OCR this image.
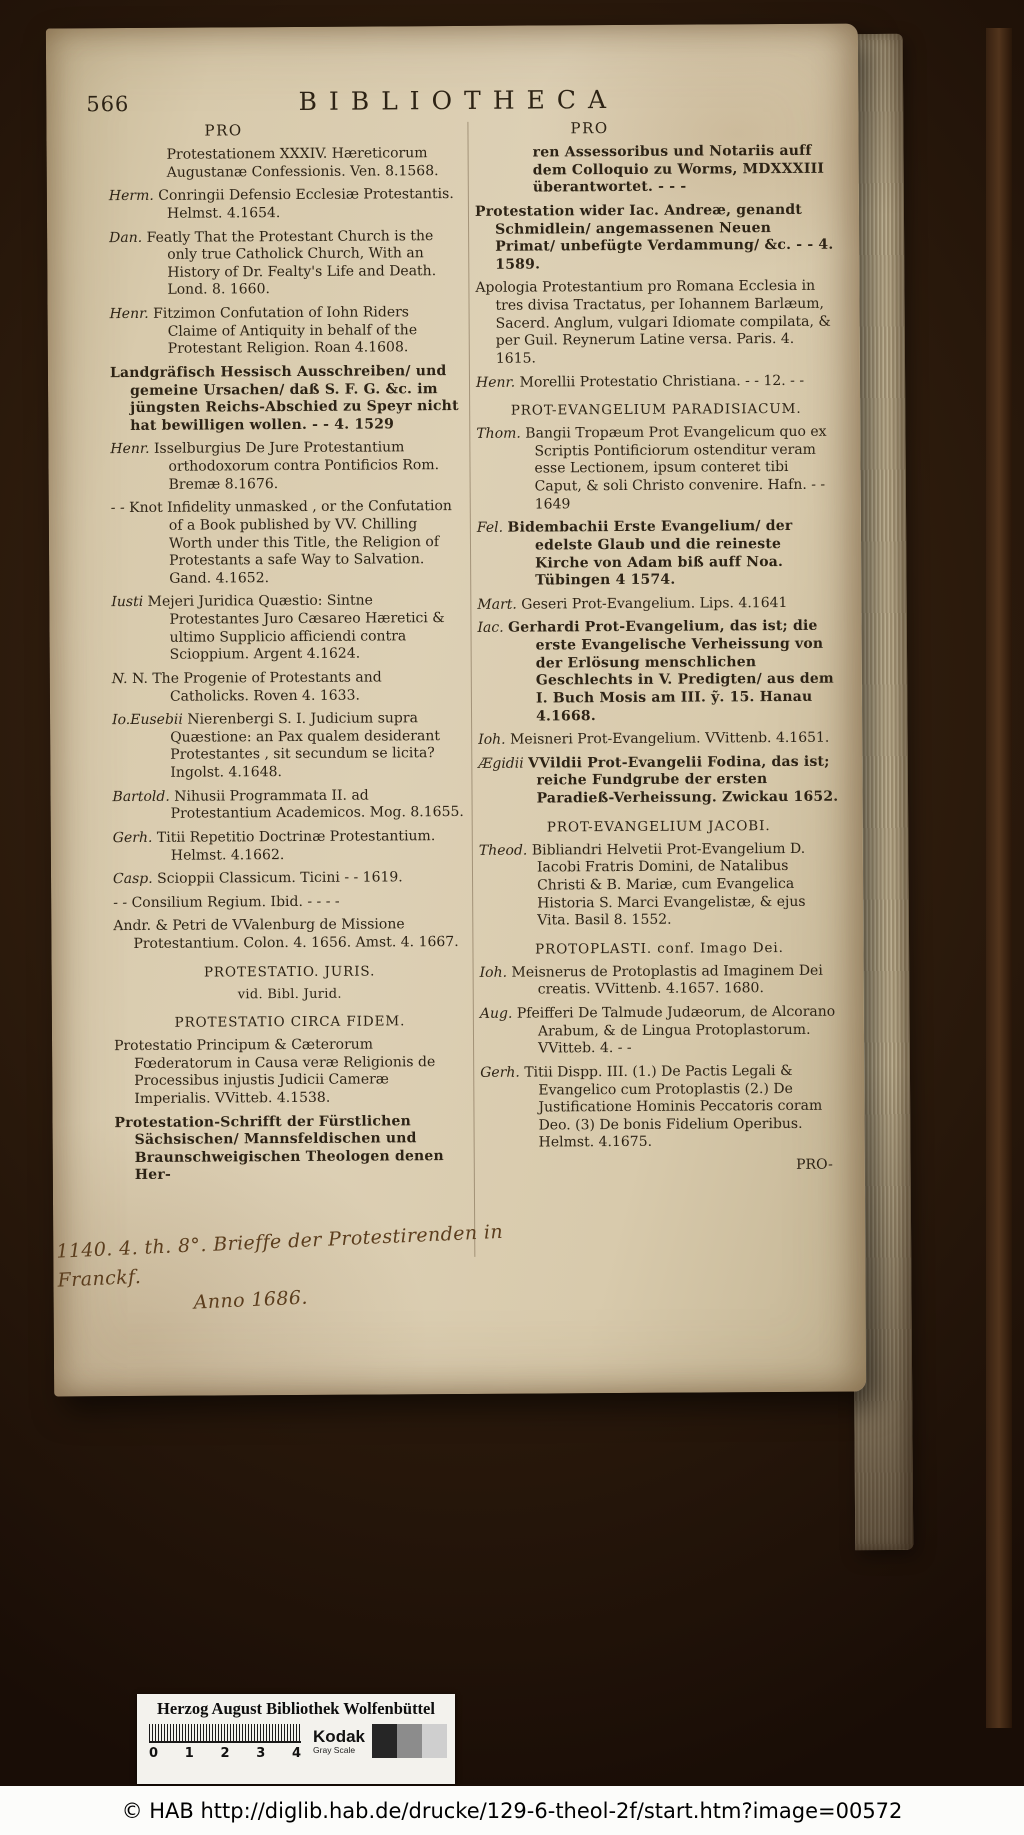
566	BIBLIOTHECA
PRO
Protestationem XXXIV. Hæreticorum Augustanæ Confessionis. Ven. 8.1568.
Herm. Conringii Defensio Ecclesiæ Protestantis. Helmst. 4.1654.
Dan. Featly That the Protestant Church is the only true Catholick Church, With an History of Dr. Fealty's Life and Death. Lond. 8. 1660.
Henr. Fitzimon Confutation of Iohn Riders Claime of Antiquity in behalf of the Protestant Religion. Roan 4.1608.
Landgräfisch Hessisch Ausschreiben/ und gemeine Ursachen/ daß S. F. G. &c. im jüngsten Reichs-Abschied zu Speyr nicht hat bewilligen wollen. - - 4. 1529
Henr. Isselburgius De Jure Protestantium orthodoxorum contra Pontificios Rom. Bremæ 8.1676.
- - Knot Infidelity unmasked , or the Confutation of a Book published by VV. Chilling Worth under this Title, the Religion of Protestants a safe Way to Salvation. Gand. 4.1652.
Iusti Mejeri Juridica Quæstio: Sintne Protestantes Juro Cæsareo Hæretici & ultimo Supplicio afficiendi contra Scioppium. Argent 4.1624.
N. N. The Progenie of Protestants and Catholicks. Roven 4. 1633.
Io.Eusebii Nierenbergi S. I. Judicium supra Quæstione: an Pax qualem desiderant Protestantes , sit secundum se licita? Ingolst. 4.1648.
Bartold. Nihusii Programmata II. ad Protestantium Academicos. Mog. 8.1655.
Gerh. Titii Repetitio Doctrinæ Protestantium. Helmst. 4.1662.
Casp. Scioppii Classicum. Ticini - - 1619.
- - Consilium Regium. Ibid. - - - -
Andr. & Petri de VValenburg de Missione Protestantium. Colon. 4. 1656. Amst. 4. 1667.
PROTESTATIO. JURIS.
vid. Bibl. Jurid.
PROTESTATIO CIRCA FIDEM.
Protestatio Principum & Cæterorum Fœderatorum in Causa veræ Religionis de Processibus injustis Judicii Cameræ Imperialis. VVitteb. 4.1538.
Protestation-Schrifft der Fürstlichen Sächsischen/ Mannsfeldischen und Braunschweigischen Theologen denen Her-
PRO
ren Assessoribus und Notariis auff dem Colloquio zu Worms, MDXXXIII überantwortet. - - -
Protestation wider Iac. Andreæ, genandt Schmidlein/ angemassenen Neuen Primat/ unbefügte Verdammung/ &c. - - 4. 1589.
Apologia Protestantium pro Romana Ecclesia in tres divisa Tractatus, per Iohannem Barlæum, Sacerd. Anglum, vulgari Idiomate compilata, & per Guil. Reynerum Latine versa. Paris. 4. 1615.
Henr. Morellii Protestatio Christiana. - - 12. - -
PROT-EVANGELIUM PARADISIACUM.
Thom. Bangii Tropæum Prot Evangelicum quo ex Scriptis Pontificiorum ostenditur veram esse Lectionem, ipsum conteret tibi Caput, & soli Christo convenire. Hafn. - - 1649
Fel. Bidembachii Erste Evangelium/ der edelste Glaub und die reineste Kirche von Adam biß auff Noa. Tübingen 4 1574.
Mart. Geseri Prot-Evangelium. Lips. 4.1641
Iac. Gerhardi Prot-Evangelium, das ist; die erste Evangelische Verheissung von der Erlösung menschlichen Geschlechts in V. Predigten/ aus dem I. Buch Mosis am III. ỹ. 15. Hanau 4.1668.
Ioh. Meisneri Prot-Evangelium. VVittenb. 4.1651.
Ægidii VVildii Prot-Evangelii Fodina, das ist; reiche Fundgrube der ersten Paradieß-Verheissung. Zwickau 1652.
PROT-EVANGELIUM JACOBI.
Theod. Bibliandri Helvetii Prot-Evangelium D. Iacobi Fratris Domini, de Natalibus Christi & B. Mariæ, cum Evangelica Historia S. Marci Evangelistæ, & ejus Vita. Basil 8. 1552.
PROTOPLASTI. conf. Imago Dei.
Ioh. Meisnerus de Protoplastis ad Imaginem Dei creatis. VVittenb. 4.1657. 1680.
Aug. Pfeifferi De Talmude Judæorum, de Alcorano Arabum, & de Lingua Protoplastorum. VVitteb. 4. - -
Gerh. Titii Dispp. III. (1.) De Pactis Legali & Evangelico cum Protoplastis (2.) De Justificatione Hominis Peccatoris coram Deo. (3) De bonis Fidelium Operibus. Helmst. 4.1675.
PRO-
1140. 4. th. 8°. Brieffe der Protestirenden in Franckf.
Anno 1686.
Herzog August Bibliothek Wolfenbüttel
0 1 2 3 4
Kodak
Gray Scale
© HAB http://diglib.hab.de/drucke/129-6-theol-2f/start.htm?image=00572
